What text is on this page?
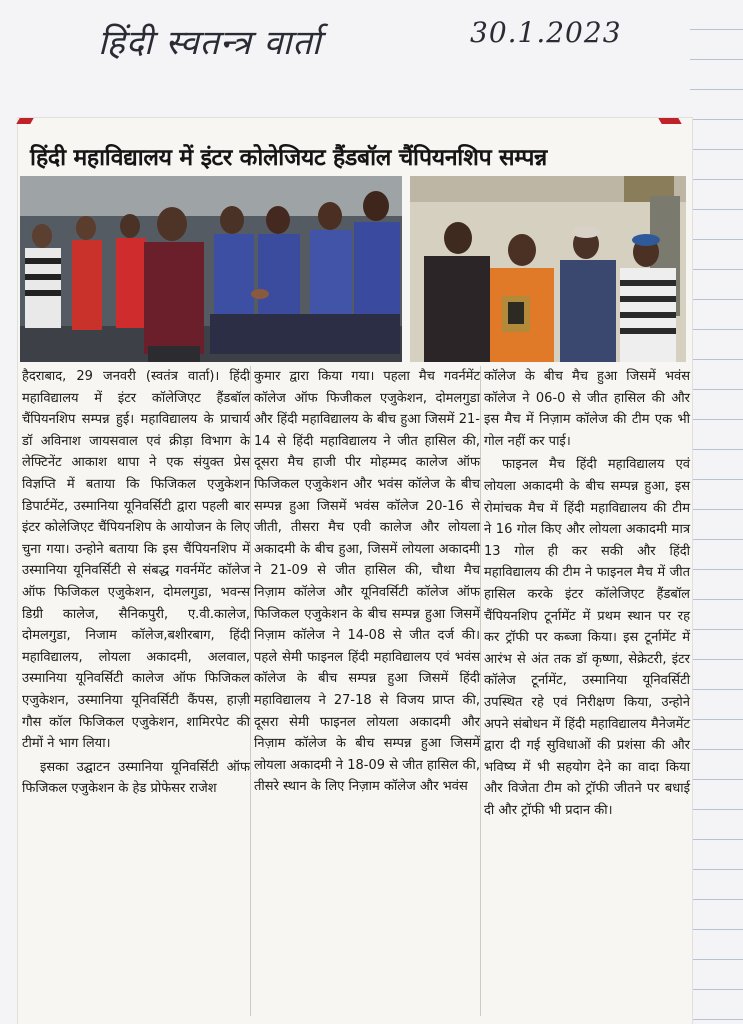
हिंदी स्वतन्त्र वार्ता	30.1.2023
हिंदी महाविद्यालय में इंटर कोलेजियट हैंडबॉल चैंपियनशिप सम्पन्न

हैदराबाद, 29 जनवरी (स्वतंत्र वार्ता)। हिंदी महाविद्यालय में इंटर कॉलेजिएट हैंडबॉल चैंपियनशिप सम्पन्न हुई। महाविद्यालय के प्राचार्य डॉ अविनाश जायसवाल एवं क्रीड़ा विभाग के लेफ्टिनेंट आकाश थापा ने एक संयुक्त प्रेस विज्ञप्ति में बताया कि फिजिकल एजुकेशन डिपार्टमेंट, उस्मानिया यूनिवर्सिटी द्वारा पहली बार इंटर कोलेजिएट चैंपियनशिप के आयोजन के लिए चुना गया। उन्होने बताया कि इस चैंपियनशिप में उस्मानिया यूनिवर्सिटी से संबद्ध गवर्नमेंट कॉलेज ऑफ फिजिकल एजुकेशन, दोमलगुडा, भवन्स डिग्री कालेज, सैनिकपुरी, ए.वी.कालेज, दोमलगुडा, निजाम कॉलेज,बशीरबाग, हिंदी महाविद्यालय, लोयला अकादमी, अलवाल, उस्मानिया यूनिवर्सिटी कालेज ऑफ फिजिकल एजुकेशन, उस्मानिया यूनिवर्सिटी कैंपस, हाज़ी गौस कॉल फिजिकल एजुकेशन, शामिरपेट की टीमों ने भाग लिया।

इसका उद्घाटन उस्मानिया यूनिवर्सिटी ऑफ फिजिकल एजुकेशन के हेड प्रोफेसर राजेश

कुमार द्वारा किया गया। पहला मैच गवर्नमेंट कॉलेज ऑफ फिजीकल एजुकेशन, दोमलगुडा और हिंदी महाविद्यालय के बीच हुआ जिसमें 21-14 से हिंदी महाविद्यालय ने जीत हासिल की, दूसरा मैच हाजी पीर मोहम्मद कालेज ऑफ फिजिकल एजुकेशन और भवंस कॉलेज के बीच सम्पन्न हुआ जिसमें भवंस कॉलेज 20-16 से जीती, तीसरा मैच एवी कालेज और लोयला अकादमी के बीच हुआ, जिसमें लोयला अकादमी ने 21-09 से जीत हासिल की, चौथा मैच निज़ाम कॉलेज और यूनिवर्सिटी कॉलेज ऑफ फिजिकल एजुकेशन के बीच सम्पन्न हुआ जिसमें निज़ाम कॉलेज ने 14-08 से जीत दर्ज की। पहले सेमी फाइनल हिंदी महाविद्यालय एवं भवंस कॉलेज के बीच सम्पन्न हुआ जिसमें हिंदी महाविद्यालय ने 27-18 से विजय प्राप्त की, दूसरा सेमी फाइनल लोयला अकादमी और निज़ाम कॉलेज के बीच सम्पन्न हुआ जिसमें लोयला अकादमी ने 18-09 से जीत हासिल की, तीसरे स्थान के लिए निज़ाम कॉलेज और भवंस

कॉलेज के बीच मैच हुआ जिसमें भवंस कॉलेज ने 06-0 से जीत हासिल की और इस मैच में निज़ाम कॉलेज की टीम एक भी गोल नहीं कर पाई।

फाइनल मैच हिंदी महाविद्यालय एवं लोयला अकादमी के बीच सम्पन्न हुआ, इस रोमांचक मैच में हिंदी महाविद्यालय की टीम ने 16 गोल किए और लोयला अकादमी मात्र 13 गोल ही कर सकी और हिंदी महाविद्यालय की टीम ने फाइनल मैच में जीत हासिल करके इंटर कॉलेजिएट हैंडबॉल चैंपियनशिप टूर्नामेंट में प्रथम स्थान पर रह कर ट्रॉफी पर कब्जा किया। इस टूर्नामेंट में आरंभ से अंत तक डॉ कृष्णा, सेक्रेटरी, इंटर कॉलेज टूर्नामेंट, उस्मानिया यूनिवर्सिटी उपस्थित रहे एवं निरीक्षण किया, उन्होने अपने संबोधन में हिंदी महाविद्यालय मैनेजमेंट द्वारा दी गई सुविधाओं की प्रशंसा की और भविष्य में भी सहयोग देने का वादा किया और विजेता टीम को ट्रॉफी जीतने पर बधाई दी और ट्रॉफी भी प्रदान की।
